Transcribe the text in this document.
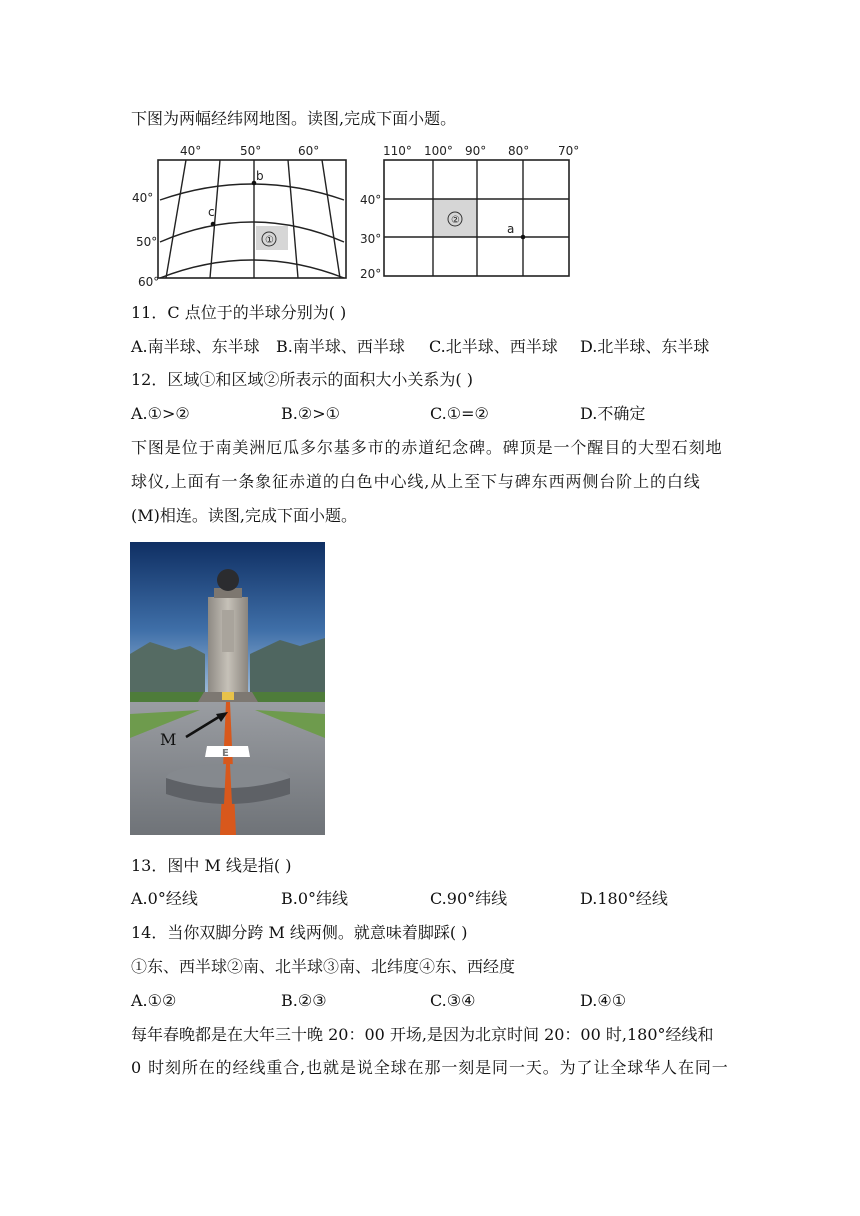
下图为两幅经纬网地图。读图,完成下面小题。
40°	50°	60°
40°
50°
60°
①
b
c
110° 100° 90° 80° 70°
40°
30°
20°
②
a
11．C 点位于的半球分别为( )
A.南半球、东半球 B.南半球、西半球 C.北半球、西半球 D.北半球、东半球
12．区域①和区域②所表示的面积大小关系为( )
A.①>②	B.②>①	C.①=②	D.不确定
下图是位于南美洲厄瓜多尔基多市的赤道纪念碑。碑顶是一个醒目的大型石刻地
球仪,上面有一条象征赤道的白色中心线,从上至下与碑东西两侧台阶上的白线
(M)相连。读图,完成下面小题。
E
M
13．图中 M 线是指( )
A.0°经线	B.0°纬线	C.90°纬线	D.180°经线
14．当你双脚分跨 M 线两侧。就意味着脚踩( )
①东、西半球②南、北半球③南、北纬度④东、西经度
A.①②	B.②③	C.③④	D.④①
每年春晚都是在大年三十晚 20：00 开场,是因为北京时间 20：00 时,180°经线和
0 时刻所在的经线重合,也就是说全球在那一刻是同一天。为了让全球华人在同一
